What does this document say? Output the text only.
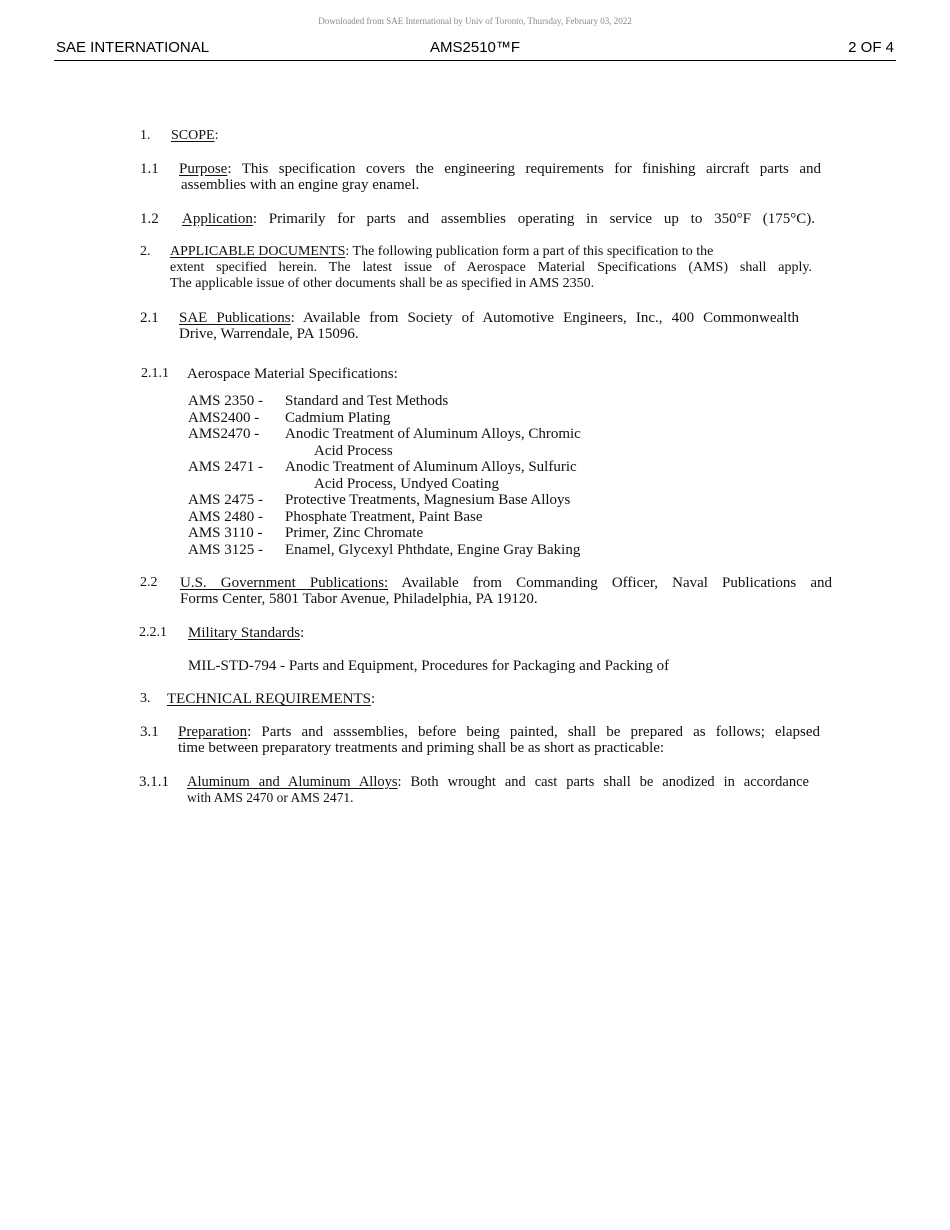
Downloaded from SAE International by Univ of Toronto, Thursday, February 03, 2022
SAE INTERNATIONAL	AMS2510™F	2 OF 4
1. SCOPE:
1.1 Purpose: This specification covers the engineering requirements for finishing aircraft parts and
assemblies with an engine gray enamel.
1.2 Application: Primarily for parts and assemblies operating in service up to 350°F (175°C).
2. APPLICABLE DOCUMENTS: The following publication form a part of this specification to the
extent specified herein. The latest issue of Aerospace Material Specifications (AMS) shall apply.
The applicable issue of other documents shall be as specified in AMS 2350.
2.1 SAE Publications: Available from Society of Automotive Engineers, Inc., 400 Commonwealth
Drive, Warrendale, PA 15096.
2.1.1 Aerospace Material Specifications:
AMS 2350 - Standard and Test Methods
AMS2400 - Cadmium Plating
AMS2470 - Anodic Treatment of Aluminum Alloys, Chromic
Acid Process
AMS 2471 - Anodic Treatment of Aluminum Alloys, Sulfuric
Acid Process, Undyed Coating
AMS 2475 - Protective Treatments, Magnesium Base Alloys
AMS 2480 - Phosphate Treatment, Paint Base
AMS 3110 - Primer, Zinc Chromate
AMS 3125 - Enamel, Glycexyl Phthdate, Engine Gray Baking
2.2 U.S. Government Publications: Available from Commanding Officer, Naval Publications and
Forms Center, 5801 Tabor Avenue, Philadelphia, PA 19120.
2.2.1 Military Standards:
MIL-STD-794 - Parts and Equipment, Procedures for Packaging and Packing of
3. TECHNICAL REQUIREMENTS:
3.1 Preparation: Parts and asssemblies, before being painted, shall be prepared as follows; elapsed
time between preparatory treatments and priming shall be as short as practicable:
3.1.1 Aluminum and Aluminum Alloys: Both wrought and cast parts shall be anodized in accordance
with AMS 2470 or AMS 2471.
